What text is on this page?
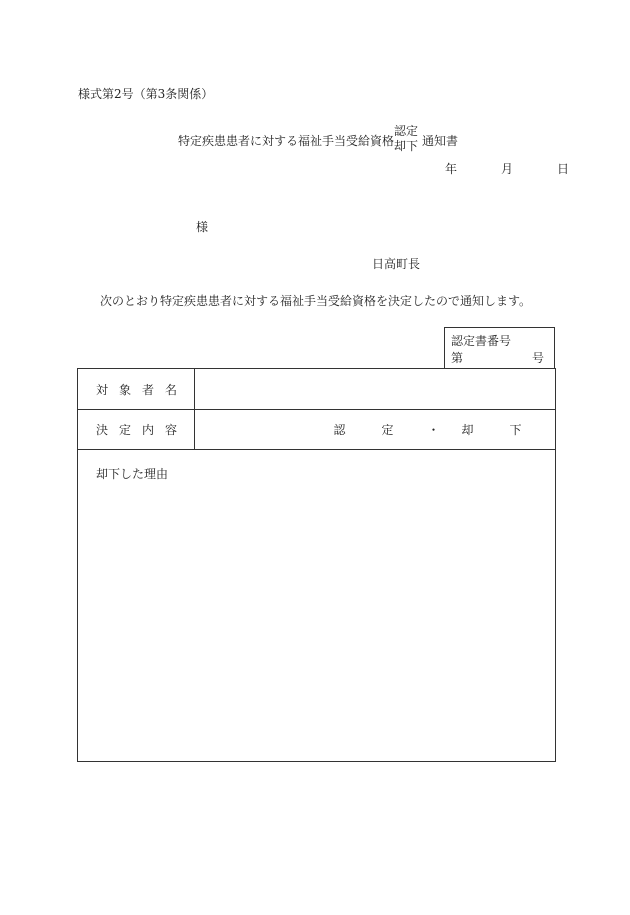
様式第2号（第3条関係）
特定疾患患者に対する福祉手当受給資格
認定
却下 通知書
年	月	日
様
日高町長
次のとおり特定疾患患者に対する福祉手当受給資格を決定したので通知します。
認定書番号
第	号
対象者名
決定内容	認　定 ・ 却　下
却下した理由
